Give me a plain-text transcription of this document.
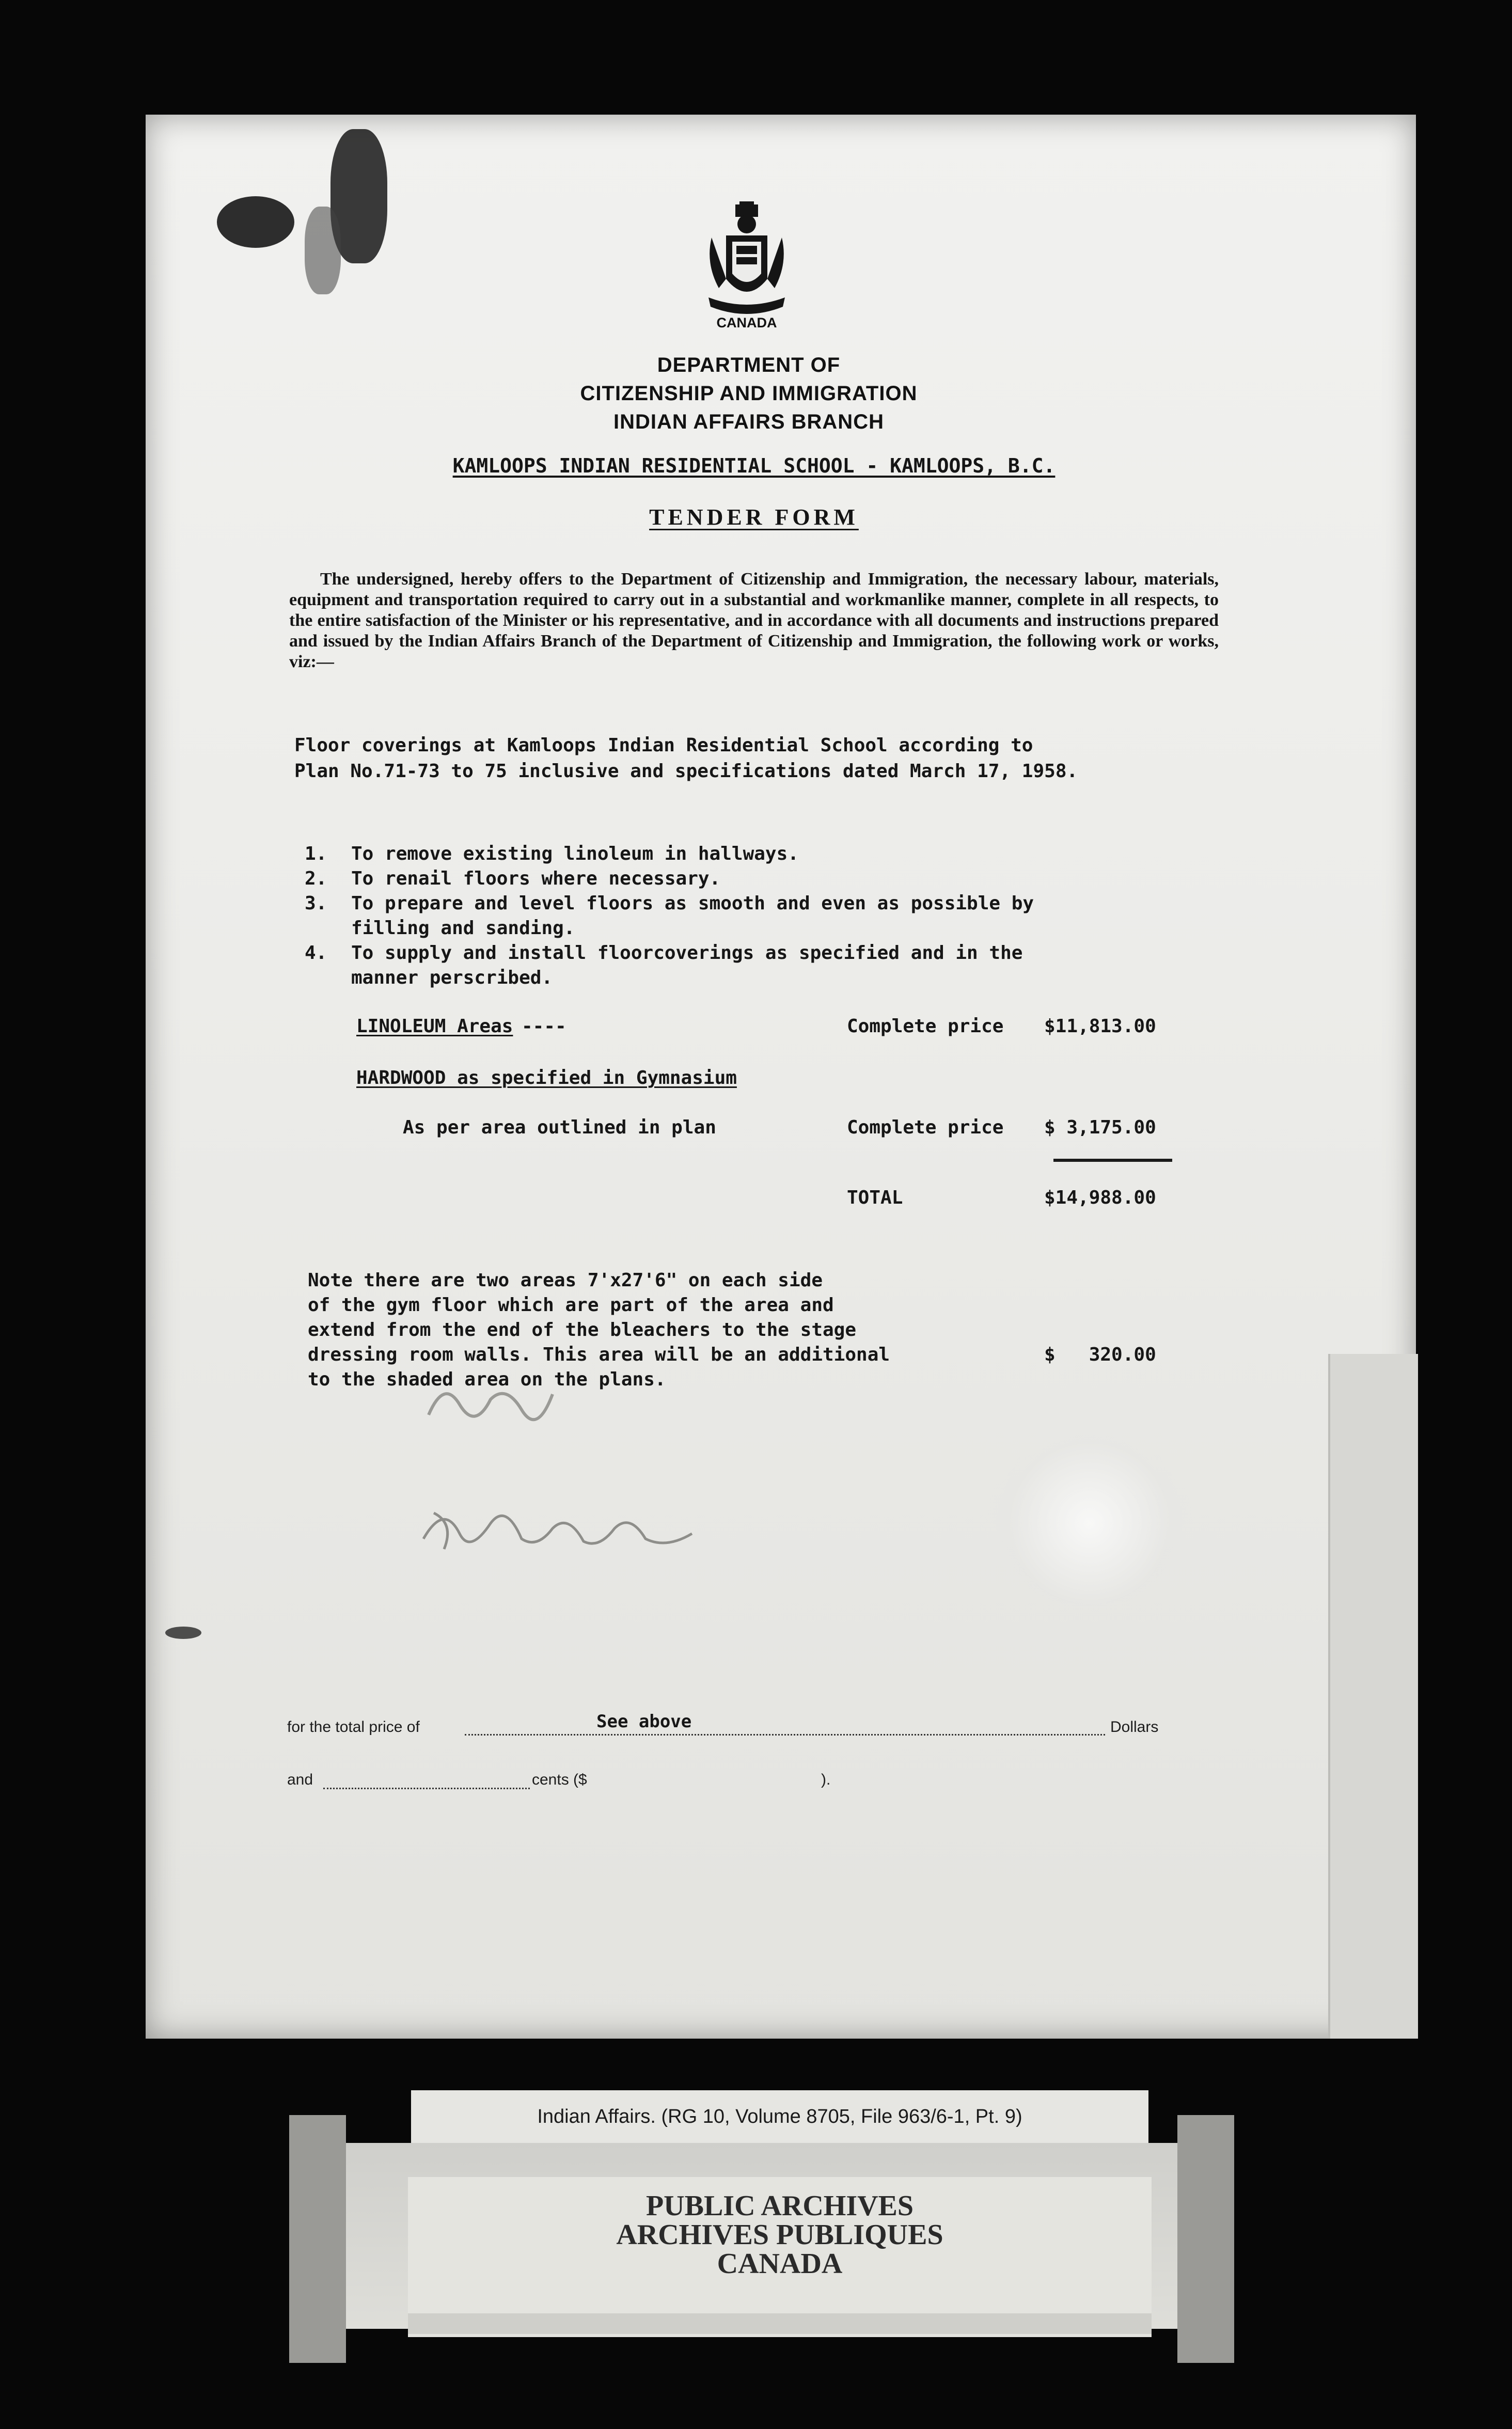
CANADA
DEPARTMENT OF
CITIZENSHIP AND IMMIGRATION
INDIAN AFFAIRS BRANCH
KAMLOOPS INDIAN RESIDENTIAL SCHOOL - KAMLOOPS, B.C.
TENDER FORM
The undersigned, hereby offers to the Department of Citizenship and Immigration, the necessary labour, materials, equipment and transportation required to carry out in a substantial and workmanlike manner, complete in all respects, to the entire satisfaction of the Minister or his representative, and in accordance with all documents and instructions prepared and issued by the Indian Affairs Branch of the Department of Citizenship and Immigration, the following work or works, viz:—
Floor coverings at Kamloops Indian Residential School according to
Plan No.71-73 to 75 inclusive and specifications dated March 17, 1958.
1. To remove existing linoleum in hallways.
2. To renail floors where necessary.
3. To prepare and level floors as smooth and even as possible by
filling and sanding.
4. To supply and install floorcoverings as specified and in the
manner perscribed.
LINOLEUM Areas ----	Complete price $11,813.00
HARDWOOD as specified in Gymnasium
As per area outlined in plan	Complete price $ 3,175.00
TOTAL	$14,988.00
Note there are two areas 7'x27'6" on each side
of the gym floor which are part of the area and
extend from the end of the bleachers to the stage
dressing room walls. This area will be an additional
to the shaded area on the plans.
$   320.00
for the total price of	See above	Dollars
and	cents ($	).
Indian Affairs. (RG 10, Volume 8705, File 963/6-1, Pt. 9)
PUBLIC ARCHIVES
ARCHIVES PUBLIQUES
CANADA
